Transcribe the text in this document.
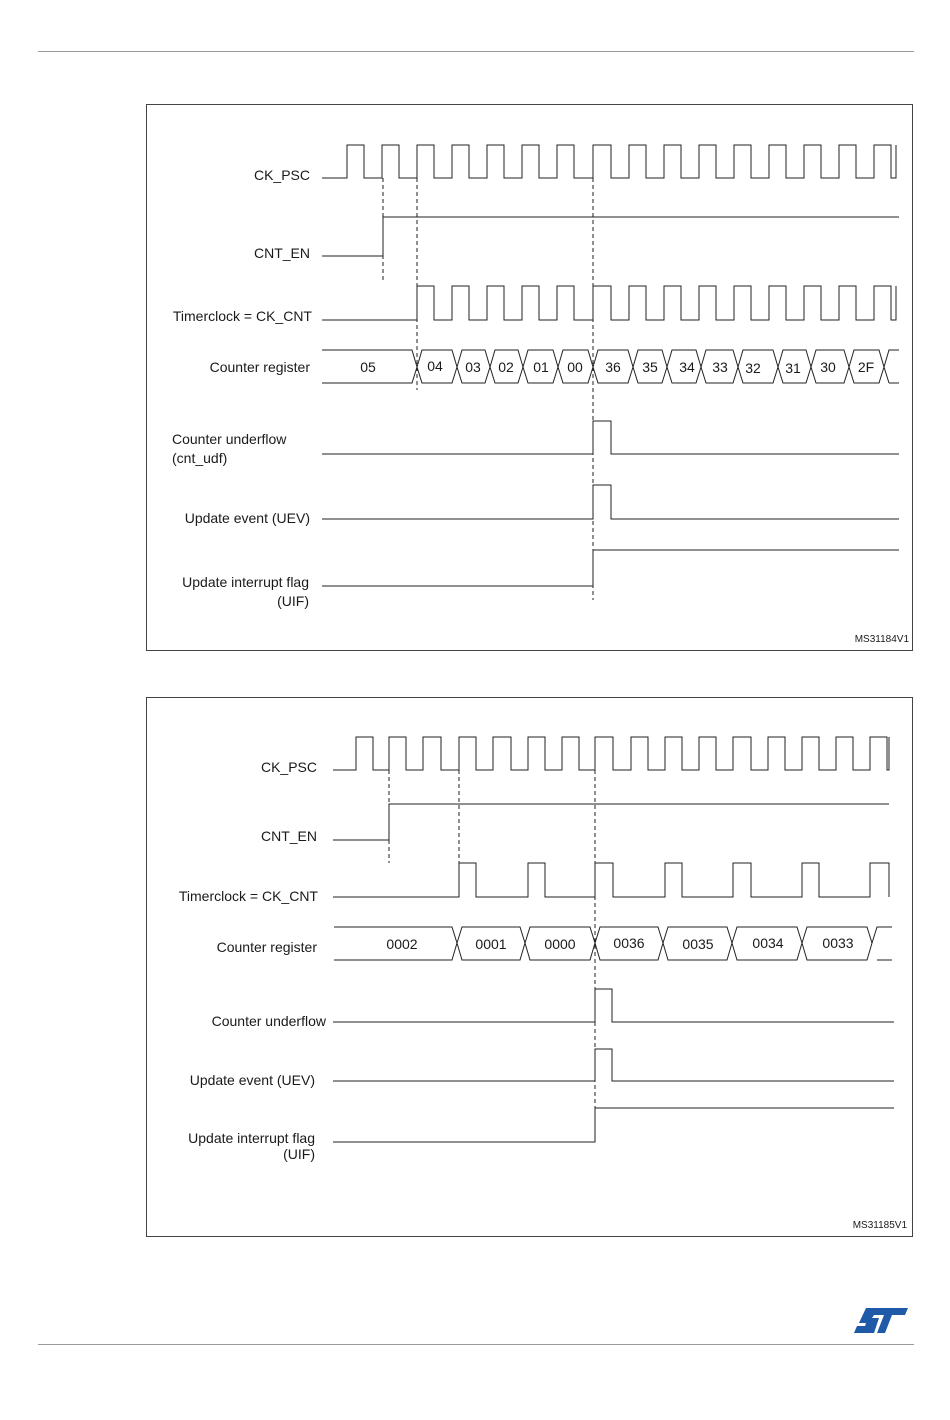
CK_PSC
CNT_EN
Timerclock = CK_CNT
Counter register
Counter underflow
(cnt_udf)
Update event (UEV)
Update interrupt flag
(UIF)
05	04 03 02 01 00 36 35 34 33 32 31 30 2F
MS31184V1
CK_PSC
CNT_EN
Timerclock = CK_CNT
Counter register
Counter underflow
Update event (UEV)
Update interrupt flag
(UIF)
0002	0001	0000	0036	0035	0034	0033
MS31185V1
